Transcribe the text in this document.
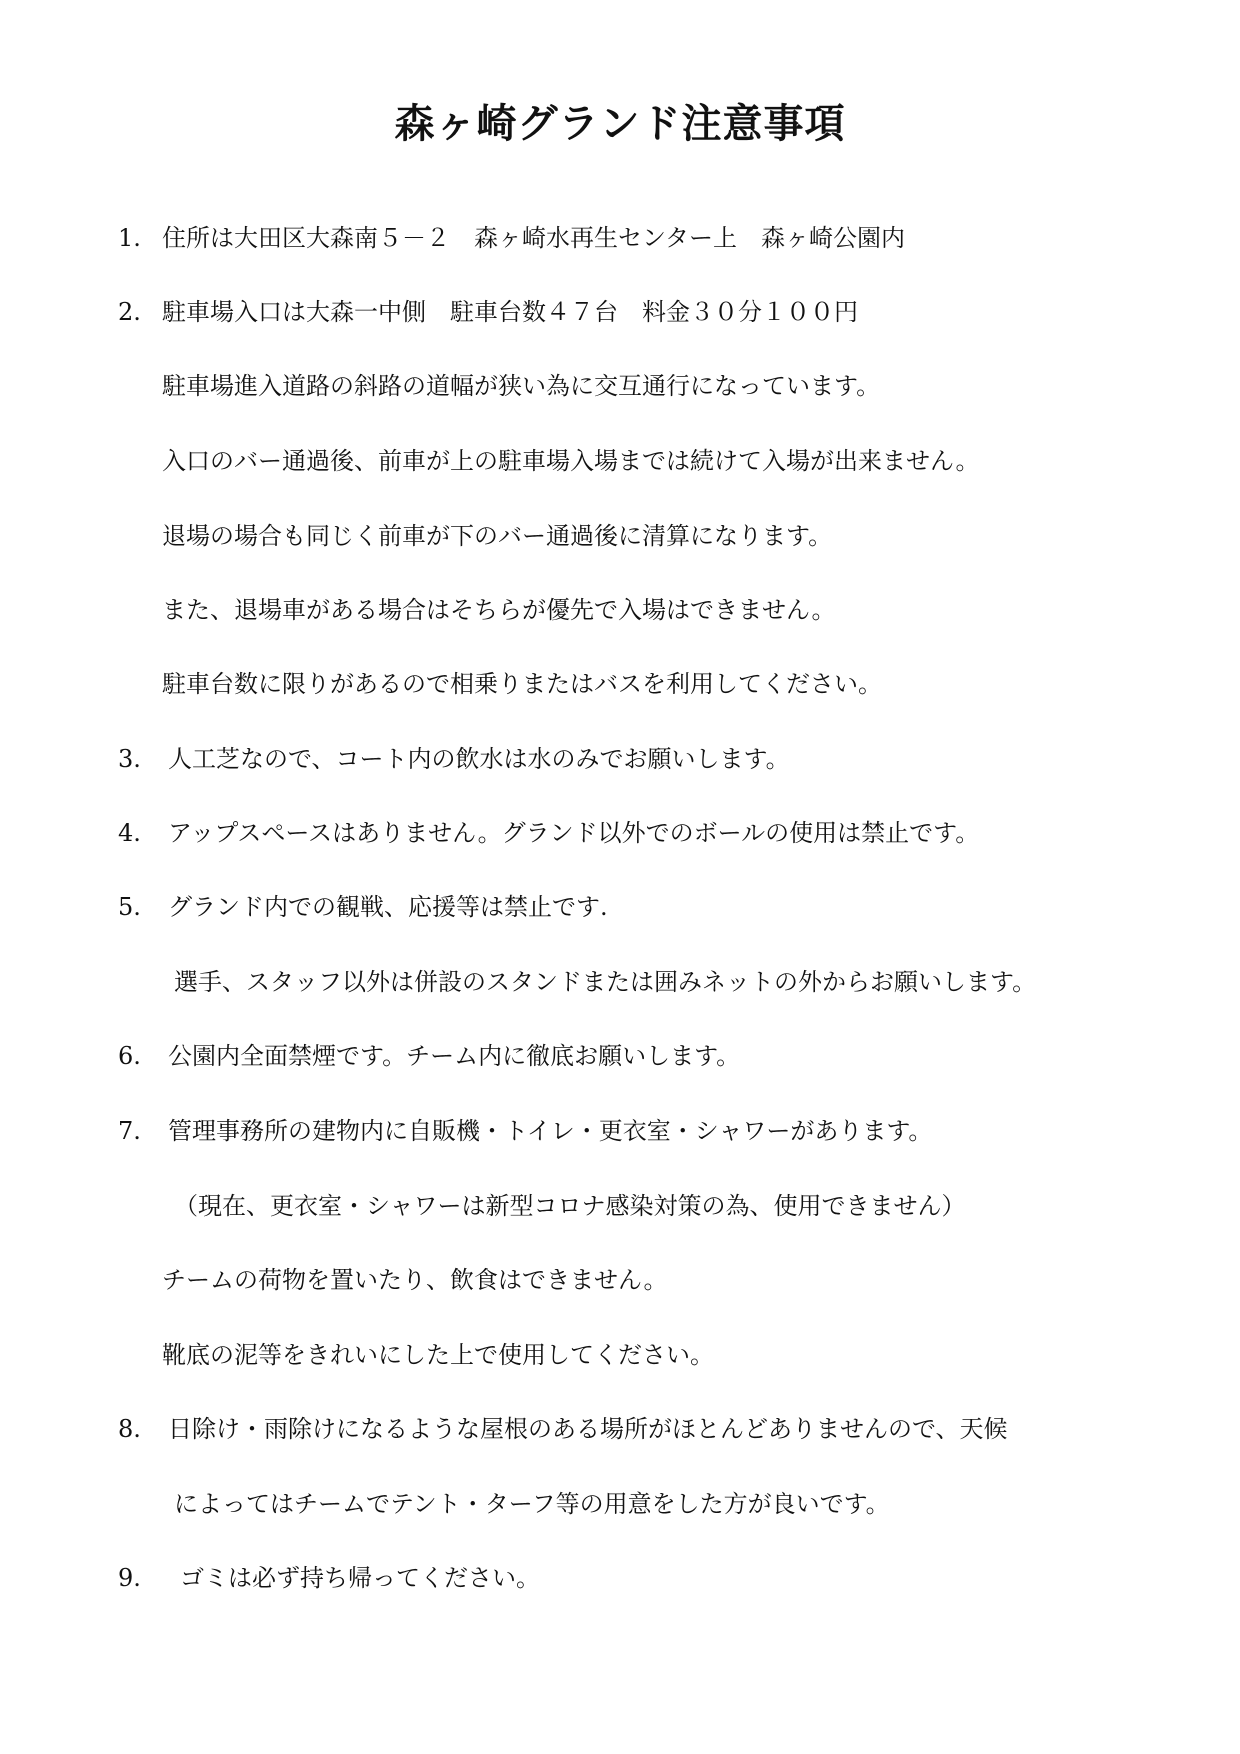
森ヶ崎グランド注意事項
1. 住所は大田区大森南５－２　森ヶ崎水再生センター上　森ヶ崎公園内
2. 駐車場入口は大森一中側　駐車台数４７台　料金３０分１００円
駐車場進入道路の斜路の道幅が狭い為に交互通行になっています。
入口のバー通過後、前車が上の駐車場入場までは続けて入場が出来ません。
退場の場合も同じく前車が下のバー通過後に清算になります。
また、退場車がある場合はそちらが優先で入場はできません。
駐車台数に限りがあるので相乗りまたはバスを利用してください。
3. 人工芝なので、コート内の飲水は水のみでお願いします。
4. アップスペースはありません。グランド以外でのボールの使用は禁止です。
5. グランド内での観戦、応援等は禁止です.
選手、スタッフ以外は併設のスタンドまたは囲みネットの外からお願いします。
6. 公園内全面禁煙です。チーム内に徹底お願いします。
7. 管理事務所の建物内に自販機・トイレ・更衣室・シャワーがあります。
（現在、更衣室・シャワーは新型コロナ感染対策の為、使用できません）
チームの荷物を置いたり、飲食はできません。
靴底の泥等をきれいにした上で使用してください。
8. 日除け・雨除けになるような屋根のある場所がほとんどありませんので、天候
によってはチームでテント・ターフ等の用意をした方が良いです。
9. ゴミは必ず持ち帰ってください。
